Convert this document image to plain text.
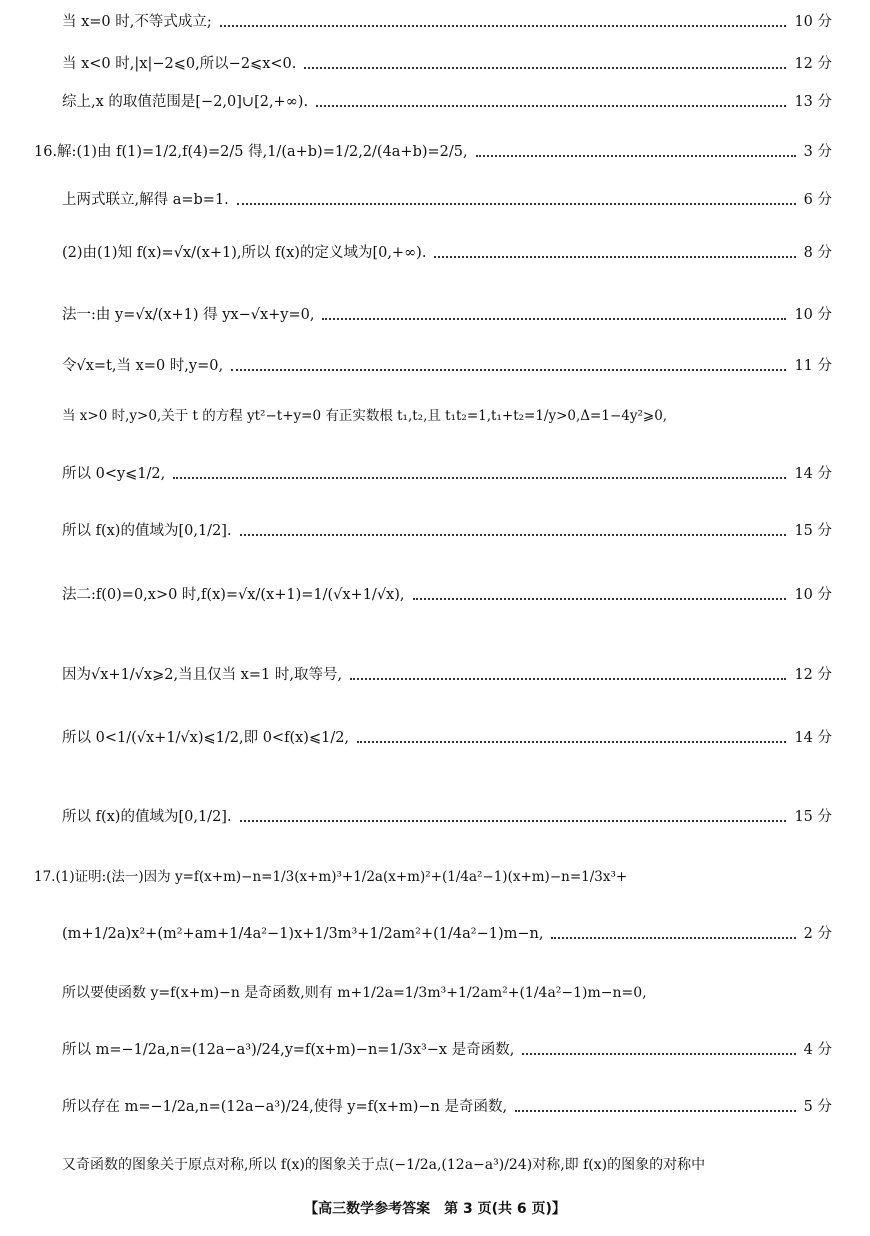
当 x=0 时,不等式成立;	10 分
当 x<0 时,|x|−2⩽0,所以−2⩽x<0.	12 分
综上,x 的取值范围是[−2,0]∪[2,+∞).	13 分
16.解:(1)由 f(1)=1/2,f(4)=2/5 得,1/(a+b)=1/2,2/(4a+b)=2/5,	3 分
上两式联立,解得 a=b=1.	6 分
(2)由(1)知 f(x)=√x/(x+1),所以 f(x)的定义域为[0,+∞).	8 分
法一:由 y=√x/(x+1) 得 yx−√x+y=0,	10 分
令√x=t,当 x=0 时,y=0,	11 分
当 x>0 时,y>0,关于 t 的方程 yt²−t+y=0 有正实数根 t₁,t₂,且 t₁t₂=1,t₁+t₂=1/y>0,Δ=1−4y²⩾0,
所以 0<y⩽1/2,	14 分
所以 f(x)的值域为[0,1/2].	15 分
法二:f(0)=0,x>0 时,f(x)=√x/(x+1)=1/(√x+1/√x),	10 分
因为√x+1/√x⩾2,当且仅当 x=1 时,取等号,	12 分
所以 0<1/(√x+1/√x)⩽1/2,即 0<f(x)⩽1/2,	14 分
所以 f(x)的值域为[0,1/2].	15 分
17.(1)证明:(法一)因为 y=f(x+m)−n=1/3(x+m)³+1/2a(x+m)²+(1/4a²−1)(x+m)−n=1/3x³+
(m+1/2a)x²+(m²+am+1/4a²−1)x+1/3m³+1/2am²+(1/4a²−1)m−n,	2 分
所以要使函数 y=f(x+m)−n 是奇函数,则有 m+1/2a=1/3m³+1/2am²+(1/4a²−1)m−n=0,
所以 m=−1/2a,n=(12a−a³)/24,y=f(x+m)−n=1/3x³−x 是奇函数,	4 分
所以存在 m=−1/2a,n=(12a−a³)/24,使得 y=f(x+m)−n 是奇函数,	5 分
又奇函数的图象关于原点对称,所以 f(x)的图象关于点(−1/2a,(12a−a³)/24)对称,即 f(x)的图象的对称中
【高三数学参考答案　第 3 页(共 6 页)】
